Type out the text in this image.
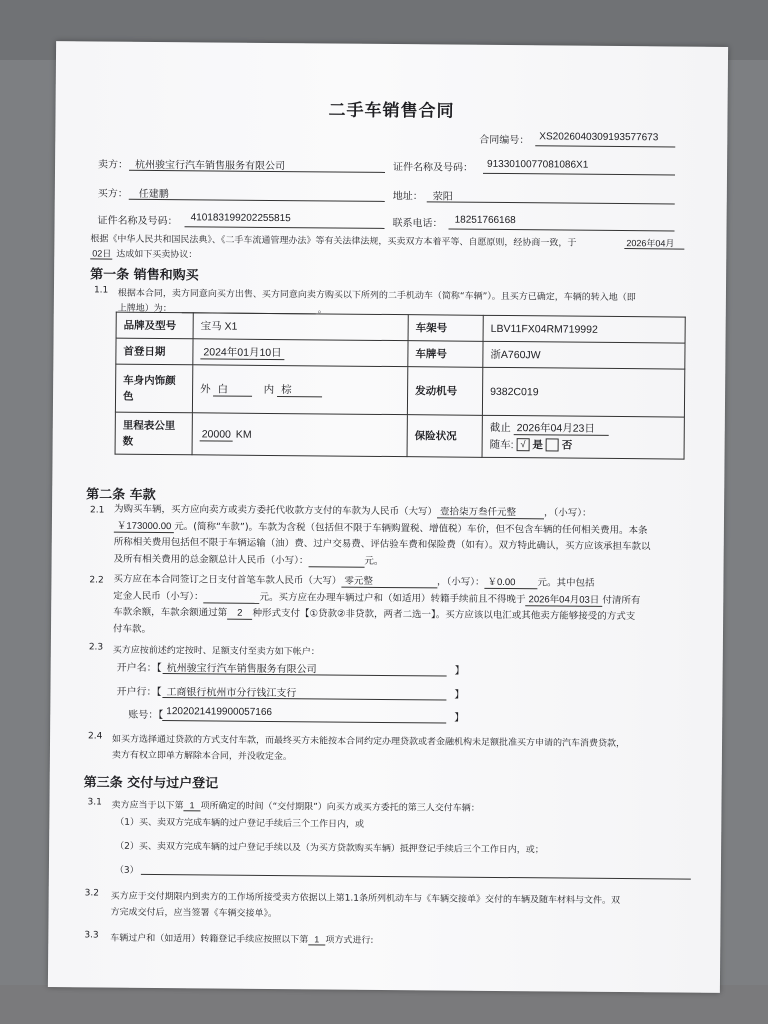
二手车销售合同
合同编号： XS20260403091935776​73
卖方： 杭州骏宝行汽车销售服务有限公司	证件名称及号码： 91330100770810​86X1
买方： 任建鹏	地址： 荥阳
证件名称及号码： 410183199202255815	联系电话： 18251766168
根据《中华人民共和国民法典》、《二手车流通管理办法》等有关法律法规，买卖双方本着平等、自愿原则，经协商一致，于	2026年04月
02日 达成如下买卖协议：
第一条 销售和购买
1.1 根据本合同，卖方同意向买方出售、买方同意向卖方购买以下所列的二手机动车（简称“车辆”）。且买方已确定，车辆的转入地（即
上牌地）为：	。
品牌及型号	宝马 X1	车架号	LBV11FX04RM719992
首登日期	2024年01月10日	车牌号	浙A760JW
车身内饰颜色	外 白 内 棕	发动机号	9382C019
里程表公里数	20000 KM	保险状况	截止 2026年04月23日
随车: √ 是 否
第二条 车款
2.1 为购买车辆，买方应向卖方或卖方委托代收款方支付的车款为人民币（大写） 壹拾柒万叁仟元整	，（小写）：
￥173000.00 元。(简称“车款”)。车款为含税（包括但不限于车辆购置税、增值税）车价，但不包含车辆的任何相关费用。本条
所称相关费用包括但不限于车辆运输（油）费、过户交易费、评估验车费和保险费（如有）。双方特此确认，买方应该承担车款以
及所有相关费用的总金额总计人民币（小写）：	元。
2.2 买方应在本合同签订之日支付首笔车款人民币（大写） 零元整	，（小写）： ￥0.00 元。其中包括
定金人民币（小写）：	元。买方应在办理车辆过户和（如适用）转籍手续前且不得晚于 2026年04月03日 付清所有
车款余额，车款余额通过第 2 种形式支付【①贷款②非贷款，两者二选一】。买方应该以电汇或其他卖方能够接受的方式支
付车款。
2.3 买方应按前述约定按时、足额支付至卖方如下帐户：
开户名：【 杭州骏宝行汽车销售服务有限公司	】
开户行：【 工商银行杭州市分行钱江支行	】
账号：【 1202021419900057166
】
2.4 如买方选择通过贷款的方式支付车款，而最终买方未能按本合同约定办理贷款或者金融机构未足额批准买方申请的汽车消费贷款，
卖方有权立即单方解除本合同，并没收定金。
第三条 交付与过户登记
3.1 卖方应当于以下第 1 项所确定的时间（“交付期限”）向买方或买方委托的第三人交付车辆：
（1）买、卖双方完成车辆的过户登记手续后三个工作日内，或
（2）买、卖双方完成车辆的过户登记手续以及（为买方贷款购买车辆）抵押登记手续后三个工作日内，或；
（3）
3.2 买方应于交付期限内到卖方的工作场所接受卖方依据以上第1.1条所列机动车与《车辆交接单》交付的车辆及随车材料与文件。双
方完成交付后，应当签署《车辆交接单》。
3.3 车辆过户和（如适用）转籍登记手续应按照以下第 1 项方式进行:
